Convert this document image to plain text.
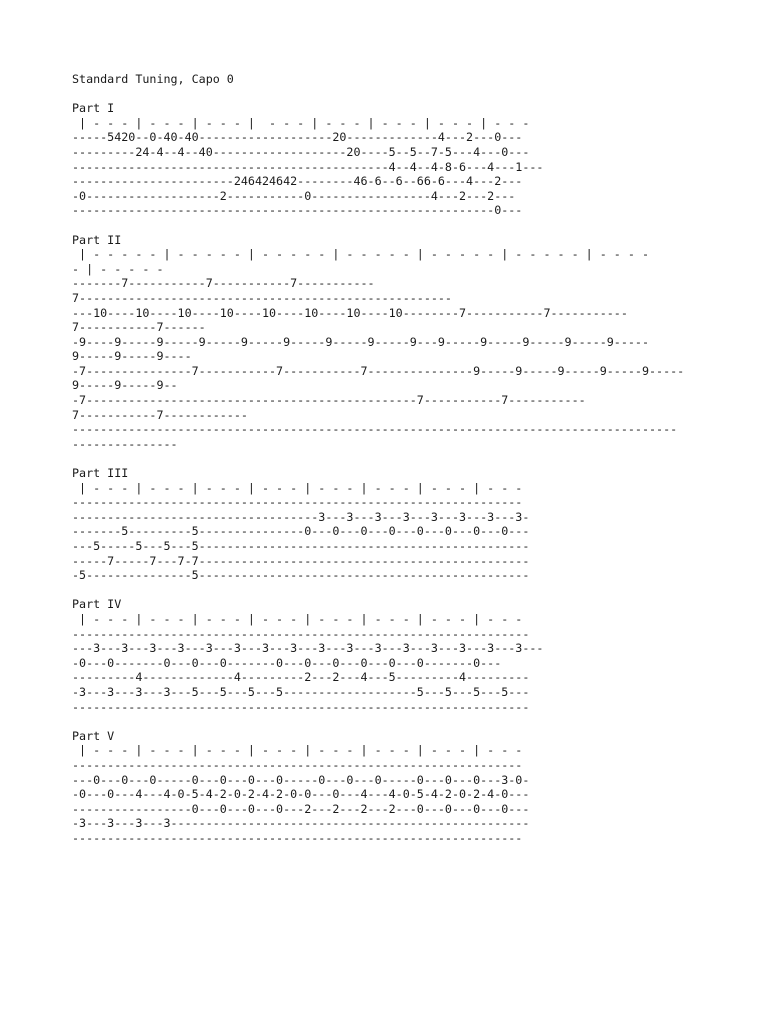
Standard Tuning, Capo 0
Part I
| - - - | - - - | - - - |  - - - | - - - | - - - | - - - | - - -
-----5420--0-40-40-------------------20-------------4---2---0---
---------24-4--4--40-------------------20----5--5--7-5---4---0---
---------------------------------------------4--4--4-8-6---4---1---
-----------------------246424642--------46-6--6--66-6---4---2---
-0-------------------2-----------0-----------------4---2---2---
------------------------------------------------------------0---
Part II
| - - - - - | - - - - - | - - - - - | - - - - - | - - - - - | - - - - - | - - - -
- | - - - - -
-------7-----------7-----------7-----------
7-----------------------------------------------------
---10----10----10----10----10----10----10----10--------7-----------7-----------
7-----------7------
-9----9-----9-----9-----9-----9-----9-----9-----9---9-----9-----9-----9-----9-----
9-----9-----9----
-7---------------7-----------7-----------7---------------9-----9-----9-----9-----9-----
9-----9-----9--
-7-----------------------------------------------7-----------7-----------
7-----------7------------
--------------------------------------------------------------------------------------
---------------
Part III
| - - - | - - - | - - - | - - - | - - - | - - - | - - - | - - -
----------------------------------------------------------------
-----------------------------------3---3---3---3---3---3---3---3-
-------5---------5---------------0---0---0---0---0---0---0---0---
---5-----5---5---5-----------------------------------------------
-----7-----7---7-7-----------------------------------------------
-5---------------5-----------------------------------------------
Part IV
| - - - | - - - | - - - | - - - | - - - | - - - | - - - | - - -
-----------------------------------------------------------------
---3---3---3---3---3---3---3---3---3---3---3---3---3---3---3---3---
-0---0-------0---0---0-------0---0---0---0---0---0-------0---
---------4-------------4---------2---2---4---5---------4---------
-3---3---3---3---5---5---5---5-------------------5---5---5---5---
-----------------------------------------------------------------
Part V
| - - - | - - - | - - - | - - - | - - - | - - - | - - - | - - -
----------------------------------------------------------------
---0---0---0-----0---0---0---0-----0---0---0-----0---0---0---3-0-
-0---0---4---4-0-5-4-2-0-2-4-2-0-0---0---4---4-0-5-4-2-0-2-4-0---
-----------------0---0---0---0---2---2---2---2---0---0---0---0---
-3---3---3---3---------------------------------------------------
----------------------------------------------------------------
